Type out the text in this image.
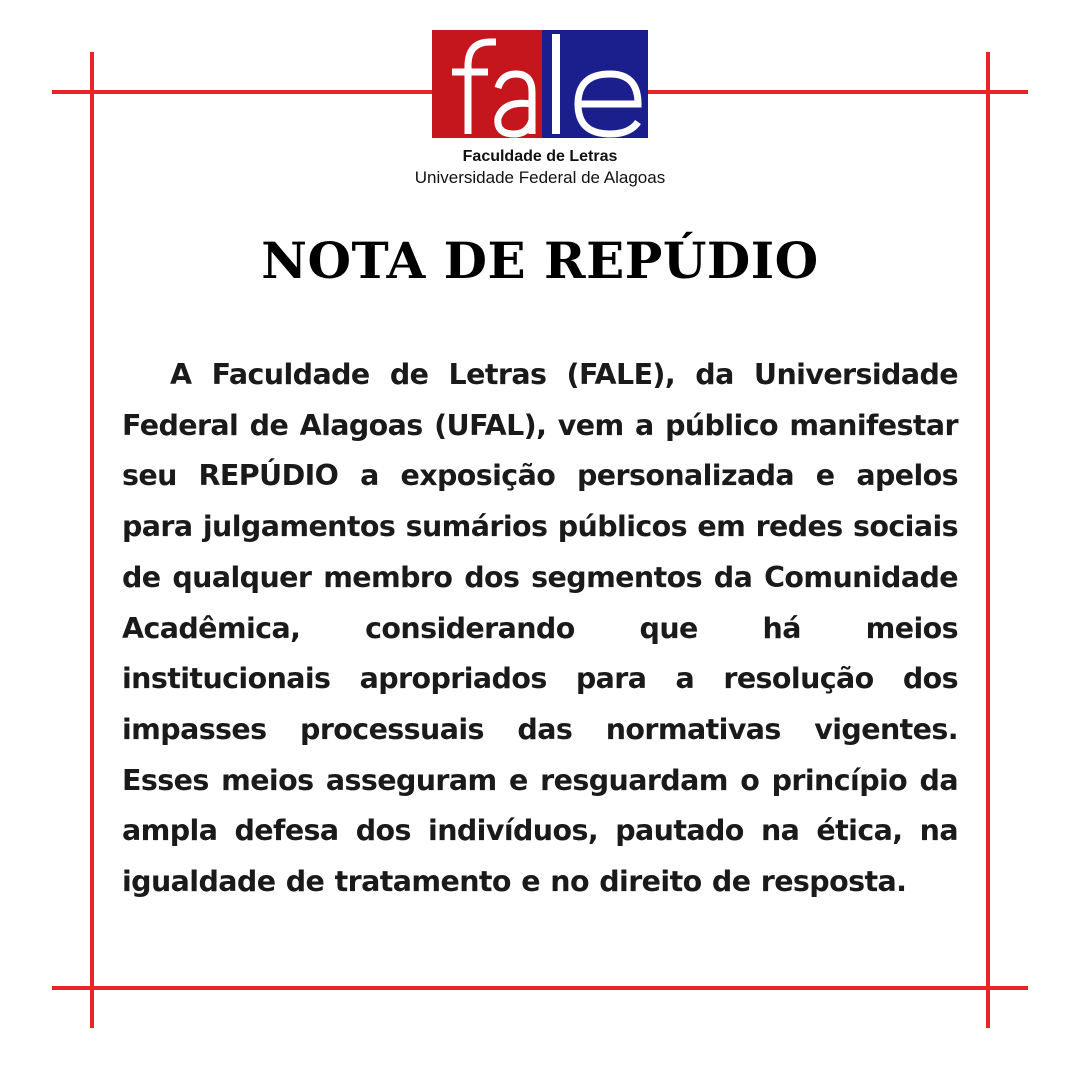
Faculdade de Letras
Universidade Federal de Alagoas
NOTA DE REPÚDIO

A Faculdade de Letras (FALE), da Universidade Federal de Alagoas (UFAL), vem a público manifestar seu REPÚDIO a exposição personalizada e apelos para julgamentos sumários públicos em redes sociais de qualquer membro dos segmentos da Comunidade Acadêmica, considerando que há meios institucionais apropriados para a resolução dos impasses processuais das normativas vigentes. Esses meios asseguram e resguardam o princípio da ampla defesa dos indivíduos, pautado na ética, na igualdade de tratamento e no direito de resposta.
